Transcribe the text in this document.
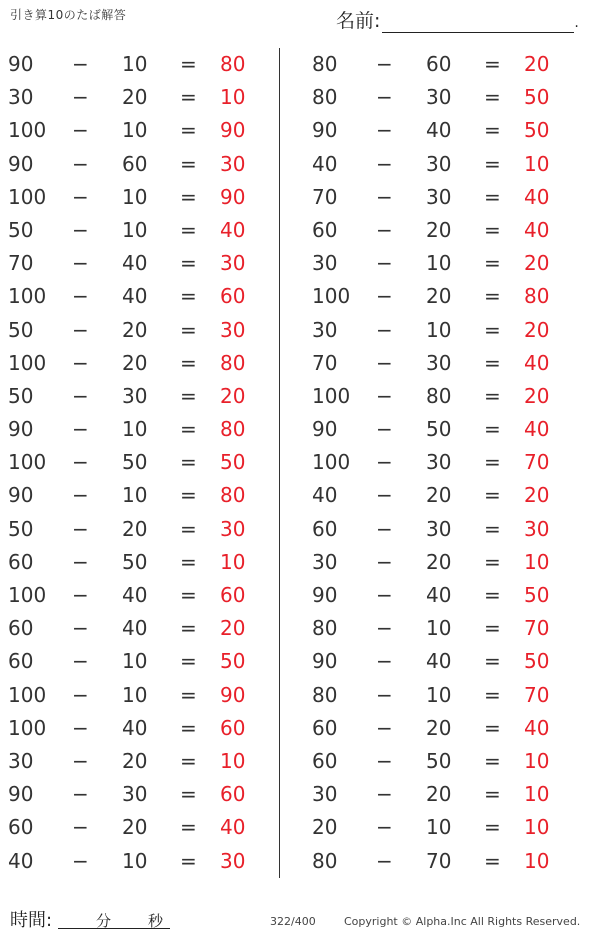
引き算10のたば解答	名前:	.
90 − 10 = 80
30 − 20 = 10
100 − 10 = 90
90 − 60 = 30
100 − 10 = 90
50 − 10 = 40
70 − 40 = 30
100 − 40 = 60
50 − 20 = 30
100 − 20 = 80
50 − 30 = 20
90 − 10 = 80
100 − 50 = 50
90 − 10 = 80
50 − 20 = 30
60 − 50 = 10
100 − 40 = 60
60 − 40 = 20
60 − 10 = 50
100 − 10 = 90
100 − 40 = 60
30 − 20 = 10
90 − 30 = 60
60 − 20 = 40
40 − 10 = 30
80 − 60 = 20
80 − 30 = 50
90 − 40 = 50
40 − 30 = 10
70 − 30 = 40
60 − 20 = 40
30 − 10 = 20
100 − 20 = 80
30 − 10 = 20
70 − 30 = 40
100 − 80 = 20
90 − 50 = 40
100 − 30 = 70
40 − 20 = 20
60 − 30 = 30
30 − 20 = 10
90 − 40 = 50
80 − 10 = 70
90 − 40 = 50
80 − 10 = 70
60 − 20 = 40
60 − 50 = 10
30 − 20 = 10
20 − 10 = 10
80 − 70 = 10
時間:	分 秒	322/400	Copyright © Alpha.Inc All Rights Reserved.
